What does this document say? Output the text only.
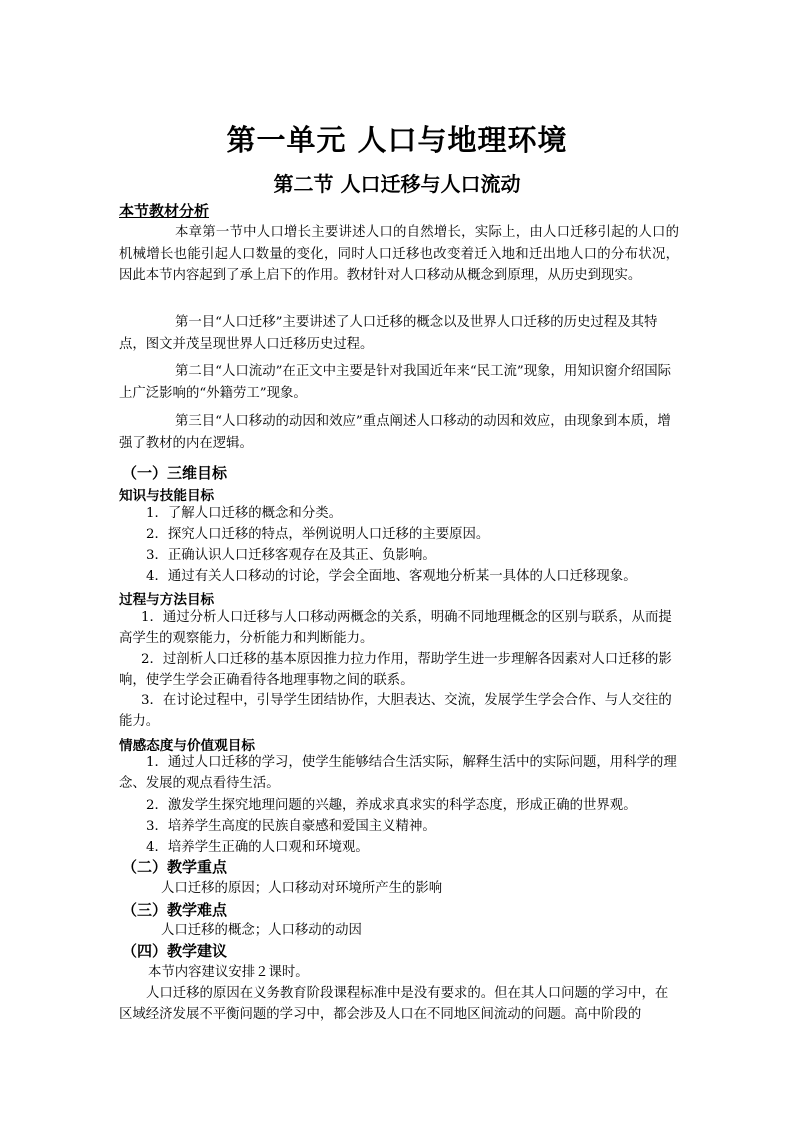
第一单元 人口与地理环境
第二节 人口迁移与人口流动
本节教材分析
本章第一节中人口增长主要讲述人口的自然增长，实际上，由人口迁移引起的人口的机械增长也能引起人口数量的变化，同时人口迁移也改变着迁入地和迁出地人口的分布状况，因此本节内容起到了承上启下的作用。教材针对人口移动从概念到原理，从历史到现实。
第一目“人口迁移”主要讲述了人口迁移的概念以及世界人口迁移的历史过程及其特点，图文并茂呈现世界人口迁移历史过程。
第二目“人口流动”在正文中主要是针对我国近年来“民工流”现象，用知识窗介绍国际上广泛影响的“外籍劳工”现象。
第三目“人口移动的动因和效应”重点阐述人口移动的动因和效应，由现象到本质，增强了教材的内在逻辑。
（一）三维目标
知识与技能目标
1．了解人口迁移的概念和分类。
2．探究人口迁移的特点，举例说明人口迁移的主要原因。
3．正确认识人口迁移客观存在及其正、负影响。
4．通过有关人口移动的讨论，学会全面地、客观地分析某一具体的人口迁移现象。
过程与方法目标
1．通过分析人口迁移与人口移动两概念的关系，明确不同地理概念的区别与联系，从而提高学生的观察能力，分析能力和判断能力。
2．过剖析人口迁移的基本原因推力拉力作用，帮助学生进一步理解各因素对人口迁移的影响，使学生学会正确看待各地理事物之间的联系。
3．在讨论过程中，引导学生团结协作，大胆表达、交流，发展学生学会合作、与人交往的能力。
情感态度与价值观目标
1．通过人口迁移的学习，使学生能够结合生活实际，解释生活中的实际问题，用科学的理念、发展的观点看待生活。
2．激发学生探究地理问题的兴趣，养成求真求实的科学态度，形成正确的世界观。
3．培养学生高度的民族自豪感和爱国主义精神。
4．培养学生正确的人口观和环境观。
（二）教学重点
人口迁移的原因；人口移动对环境所产生的影响
（三）教学难点
人口迁移的概念；人口移动的动因
（四）教学建议
本节内容建议安排２课时。
人口迁移的原因在义务教育阶段课程标准中是没有要求的。但在其人口问题的学习中，在区域经济发展不平衡问题的学习中，都会涉及人口在不同地区间流动的问题。高中阶段的
